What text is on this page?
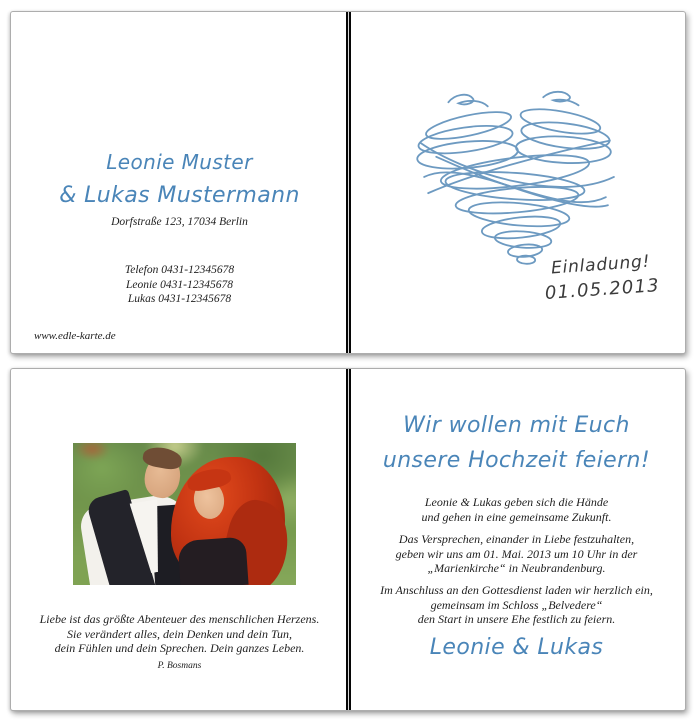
Leonie Muster
& Lukas Mustermann
Dorfstraße 123, 17034 Berlin
Telefon 0431-12345678
Leonie 0431-12345678
Lukas 0431-12345678
www.edle-karte.de
Einladung!
01.05.2013
Liebe ist das größte Abenteuer des menschlichen Herzens.
Sie verändert alles, dein Denken und dein Tun,
dein Fühlen und dein Sprechen. Dein ganzes Leben.
P. Bosmans
Wir wollen mit Euch
unsere Hochzeit feiern!
Leonie & Lukas geben sich die Hände
und gehen in eine gemeinsame Zukunft.
Das Versprechen, einander in Liebe festzuhalten,
geben wir uns am 01. Mai. 2013 um 10 Uhr in der
„Marienkirche“ in Neubrandenburg.
Im Anschluss an den Gottesdienst laden wir herzlich ein,
gemeinsam im Schloss „Belvedere“
den Start in unsere Ehe festlich zu feiern.
Leonie & Lukas
